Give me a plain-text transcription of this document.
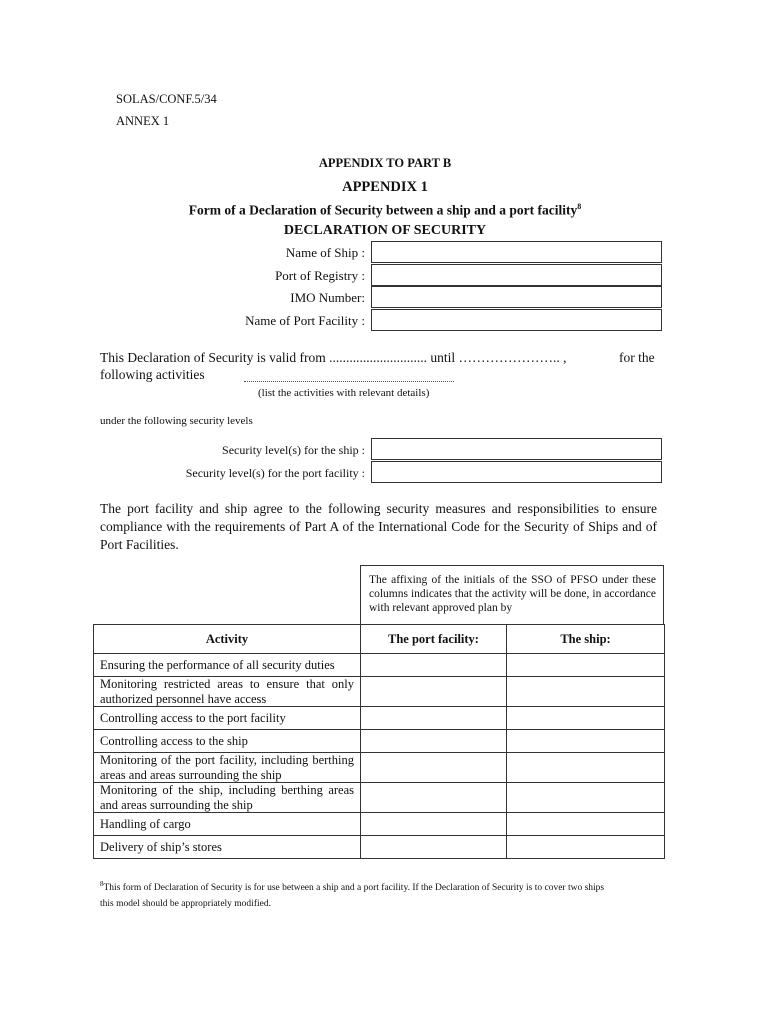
SOLAS/CONF.5/34
ANNEX 1
APPENDIX TO PART B
APPENDIX 1
Form of a Declaration of Security between a ship and a port facility$^8$
DECLARATION OF SECURITY
Name of Ship :
Port of Registry :
IMO Number:
Name of Port Facility :
This Declaration of Security is valid from ............................. until ………………….. ,	for the
following activities
(list the activities with relevant details)
under the following security levels
Security level(s) for the ship :
Security level(s) for the port facility :
The port facility and ship agree to the following security measures and responsibilities to ensure compliance with the requirements of Part A of the International Code for the Security of Ships and of Port Facilities.
The affixing of the initials of the SSO of PFSO under these columns indicates that the activity will be done, in accordance with relevant approved plan by
Activity	The port facility:	The ship:
Ensuring the performance of all security duties		
Monitoring restricted areas to ensure that only authorized personnel have access		
Controlling access to the port facility		
Controlling access to the ship		
Monitoring of the port facility, including berthing areas and areas surrounding the ship		
Monitoring of the ship, including berthing areas and areas surrounding the ship		
Handling of cargo		
Delivery of ship’s stores		
$^8$This form of Declaration of Security is for use between a ship and a port facility. If the Declaration of Security is to cover two ships
this model should be appropriately modified.
